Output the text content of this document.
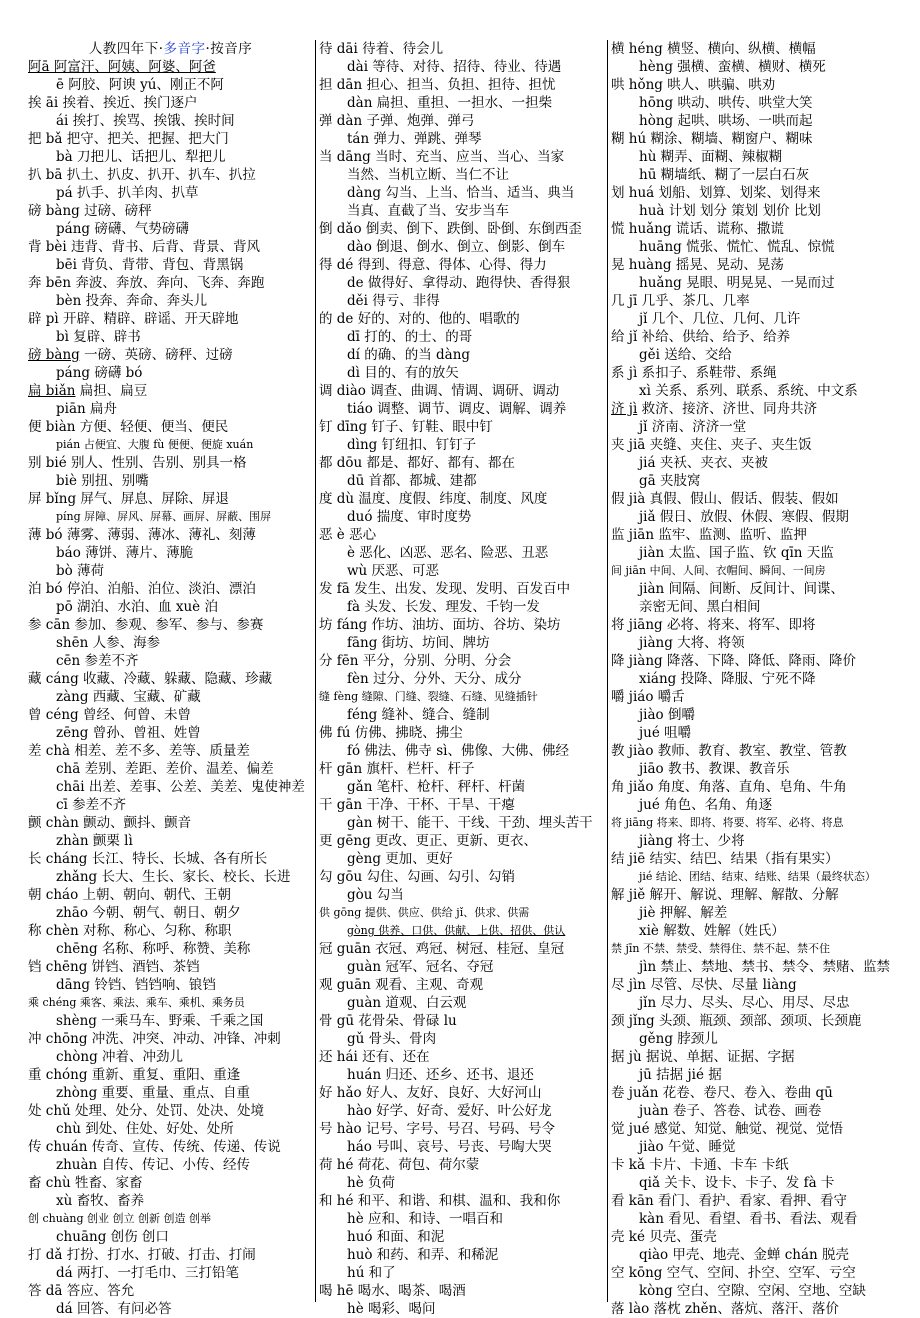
人教四年下·多音字·按音序
阿ā 阿富汗、阿姨、阿婆、阿爸
ē 阿胶、阿谀 yú、刚正不阿
挨 āi 挨着、挨近、挨门逐户
ái 挨打、挨骂、挨饿、挨时间
把 bǎ 把守、把关、把握、把大门
bà 刀把儿、话把儿、犁把儿
扒 bā 扒土、扒皮、扒开、扒车、扒拉
pá 扒手、扒羊肉、扒草
磅 bàng 过磅、磅秤
páng 磅礴、气势磅礴
背 bèi 违背、背书、后背、背景、背风
bēi 背负、背带、背包、背黑锅
奔 bēn 奔波、奔放、奔向、飞奔、奔跑
bèn 投奔、奔命、奔头儿
辟 pì 开辟、精辟、辟谣、开天辟地
bì 复辟、辟书
磅 bàng 一磅、英磅、磅秤、过磅
páng 磅礴 bó
扁 biǎn 扁担、扁豆
piān 扁舟
便 biàn 方便、轻便、便当、便民
pián 占便宜、大腹 fù 便便、便旋 xuán
别 bié 别人、性别、告别、别具一格
biè 别扭、别嘴
屏 bǐng 屏气、屏息、屏除、屏退
píng 屏障、屏风、屏幕、画屏、屏蔽、围屏
薄 bó 薄雾、薄弱、薄冰、薄礼、刻薄
báo 薄饼、薄片、薄脆
bò 薄荷
泊 bó 停泊、泊船、泊位、淡泊、漂泊
pō 湖泊、水泊、血 xuè 泊
参 cān 参加、参观、参军、参与、参赛
shēn 人参、海参
cēn 参差不齐
藏 cáng 收藏、冷藏、躲藏、隐藏、珍藏
zàng 西藏、宝藏、矿藏
曾 céng 曾经、何曾、未曾
zēng 曾孙、曾祖、姓曾
差 chà 相差、差不多、差等、质量差
chā 差别、差距、差价、温差、偏差
chāi 出差、差事、公差、美差、鬼使神差
cī 参差不齐
颤 chàn 颤动、颤抖、颤音
zhàn 颤栗 lì
长 cháng 长江、特长、长城、各有所长
zhǎng 长大、生长、家长、校长、长进
朝 cháo 上朝、朝向、朝代、王朝
zhāo 今朝、朝气、朝日、朝夕
称 chèn 对称、称心、匀称、称职
chēng 名称、称呼、称赞、美称
铛 chēng 饼铛、酒铛、茶铛
dāng 铃铛、铛铛响、锒铛
乘 chéng 乘客、乘法、乘车、乘机、乘务员
shèng 一乘马车、野乘、千乘之国
冲 chōng 冲洗、冲突、冲动、冲锋、冲刺
chòng 冲着、冲劲儿
重 chóng 重新、重复、重阳、重逢
zhòng 重要、重量、重点、自重
处 chǔ 处理、处分、处罚、处决、处境
chù 到处、住处、好处、处所
传 chuán 传奇、宣传、传统、传递、传说
zhuàn 自传、传记、小传、经传
畜 chù 牲畜、家畜
xù 畜牧、畜养
创 chuàng 创业 创立 创新 创造 创举
chuāng 创伤 创口
打 dǎ 打扮、打水、打破、打击、打闹
dá 两打、一打毛巾、三打铅笔
答 dā 答应、答允
dá 回答、有问必答
待 dāi 待着、待会儿
dài 等待、对待、招待、待业、待遇
担 dān 担心、担当、负担、担待、担忧
dàn 扁担、重担、一担水、一担柴
弹 dàn 子弹、炮弹、弹弓
tán 弹力、弹跳、弹琴
当 dāng 当时、充当、应当、当心、当家
当然、当机立断、当仁不让
dàng 勾当、上当、恰当、适当、典当
当真、直截了当、安步当车
倒 dǎo 倒卖、倒下、跌倒、卧倒、东倒西歪
dào 倒退、倒水、倒立、倒影、倒车
得 dé 得到、得意、得体、心得、得力
de 做得好、拿得动、跑得快、香得狠
děi 得亏、非得
的 de 好的、对的、他的、唱歌的
dī 打的、的士、的哥
dí 的确、的当 dàng
dì 目的、有的放矢
调 diào 调查、曲调、情调、调研、调动
tiáo 调整、调节、调皮、调解、调养
钉 dīng 钉子、钉鞋、眼中钉
dìng 钉纽扣、钉钉子
都 dōu 都是、都好、都有、都在
dū 首都、都城、建都
度 dù 温度、度假、纬度、制度、风度
duó 揣度、审时度势
恶 è 恶心
è 恶化、凶恶、恶名、险恶、丑恶
wù 厌恶、可恶
发 fā 发生、出发、发现、发明、百发百中
fà 头发、长发、理发、千钧一发
坊 fáng 作坊、油坊、面坊、谷坊、染坊
fāng 街坊、坊间、牌坊
分 fēn 平分，分别、分明、分会
fèn 过分、分外、天分、成分
缝 fèng 缝隙、门缝、裂缝、石缝、见缝插针
féng 缝补、缝合、缝制
佛 fú 仿佛、拂晓、拂尘
fó 佛法、佛寺 sì、佛像、大佛、佛经
杆 gān 旗杆、栏杆、杆子
gǎn 笔杆、枪杆、秤杆、杆菌
干 gān 干净、干杯、干旱、干瘪
gàn 树干、能干、干线、干劲、埋头苦干
更 gēng 更改、更正、更新、更衣、
gèng 更加、更好
勾 gōu 勾住、勾画、勾引、勾销
gòu 勾当
供 gōng 提供、供应、供给 jǐ、供求、供需
gòng 供养、口供、供献、上供、招供、供认
冠 guān 衣冠、鸡冠、树冠、桂冠、皇冠
guàn 冠军、冠名、夺冠
观 guān 观看、主观、奇观
guàn 道观、白云观
骨 gū 花骨朵、骨碌 lu
gǔ 骨头、骨肉
还 hái 还有、还在
huán 归还、还乡、还书、退还
好 hǎo 好人、友好、良好、大好河山
hào 好学、好奇、爱好、叶公好龙
号 hào 记号、字号、号召、号码、号令
háo 号叫、哀号、号丧、号啕大哭
荷 hé 荷花、荷包、荷尔蒙
hè 负荷
和 hé 和平、和谐、和棋、温和、我和你
hè 应和、和诗、一唱百和
huó 和面、和泥
huò 和药、和弄、和稀泥
hú 和了
喝 hē 喝水、喝茶、喝酒
hè 喝彩、喝问
横 héng 横竖、横向、纵横、横幅
hèng 强横、蛮横、横财、横死
哄 hǒng 哄人、哄骗、哄劝
hōng 哄动、哄传、哄堂大笑
hòng 起哄、哄场、一哄而起
糊 hú 糊涂、糊墙、糊窗户、糊味
hù 糊弄、面糊、辣椒糊
hū 糊墙纸、糊了一层白石灰
划 huá 划船、划算、划桨、划得来
huà 计划 划分 策划 划价 比划
慌 huǎng 谎话、谎称、撒谎
huāng 慌张、慌忙、慌乱、惊慌
晃 huàng 摇晃、晃动、晃荡
huǎng 晃眼、明晃晃、一晃而过
几 jī 几乎、茶几、几率
jǐ 几个、几位、几何、几许
给 jǐ 补给、供给、给予、给养
gěi 送给、交给
系 jì 系扣子、系鞋带、系绳
xì 关系、系列、联系、系统、中文系
济 jì 救济、接济、济世、同舟共济
jǐ 济南、济济一堂
夹 jiā 夹缝、夹住、夹子、夹生饭
jiá 夹袄、夹衣、夹被
gā 夹肢窝
假 jià 真假、假山、假话、假装、假如
jiǎ 假日、放假、休假、寒假、假期
监 jiān 监牢、监测、监听、监押
jiàn 太监、国子监、钦 qīn 天监
间 jiān 中间、人间、衣帽间、瞬间、一间房
jiàn 间隔、间断、反间计、间谍、
亲密无间、黑白相间
将 jiāng 必将、将来、将军、即将
jiàng 大将、将领
降 jiàng 降落、下降、降低、降雨、降价
xiáng 投降、降服、宁死不降
嚼 jiáo 嚼舌
jiào 倒嚼
jué 咀嚼
教 jiào 教师、教育、教室、教堂、管教
jiāo 教书、教课、教音乐
角 jiǎo 角度、角落、直角、皂角、牛角
jué 角色、名角、角逐
将 jiāng 将来、即将、将要、将军、必将、将息
jiàng 将士、少将
结 jiē 结实、结巴、结果（指有果实）
jié 结论、团结、结束、结账、结果（最终状态）
解 jiě 解开、解说、理解、解散、分解
jiè 押解、解差
xiè 解数、姓解（姓氏）
禁 jīn 不禁、禁受、禁得住、禁不起、禁不住
jìn 禁止、禁地、禁书、禁令、禁赌、监禁
尽 jìn 尽管、尽快、尽量 liàng
jǐn 尽力、尽头、尽心、用尽、尽忠
颈 jǐng 头颈、瓶颈、颈部、颈项、长颈鹿
gěng 脖颈儿
据 jù 据说、单据、证据、字据
jū 拮据 jié 据
卷 juǎn 花卷、卷尺、卷入、卷曲 qū
juàn 卷子、答卷、试卷、画卷
觉 jué 感觉、知觉、触觉、视觉、觉悟
jiào 午觉、睡觉
卡 kǎ 卡片、卡通、卡车 卡纸
qiǎ 关卡、设卡、卡子、发 fà 卡
看 kān 看门、看护、看家、看押、看守
kàn 看见、看望、看书、看法、观看
壳 ké 贝壳、蛋壳
qiào 甲壳、地壳、金蝉 chán 脱壳
空 kōng 空气、空间、扑空、空军、亏空
kòng 空白、空隙、空闲、空地、空缺
落 lào 落枕 zhěn、落炕、落汗、落价
